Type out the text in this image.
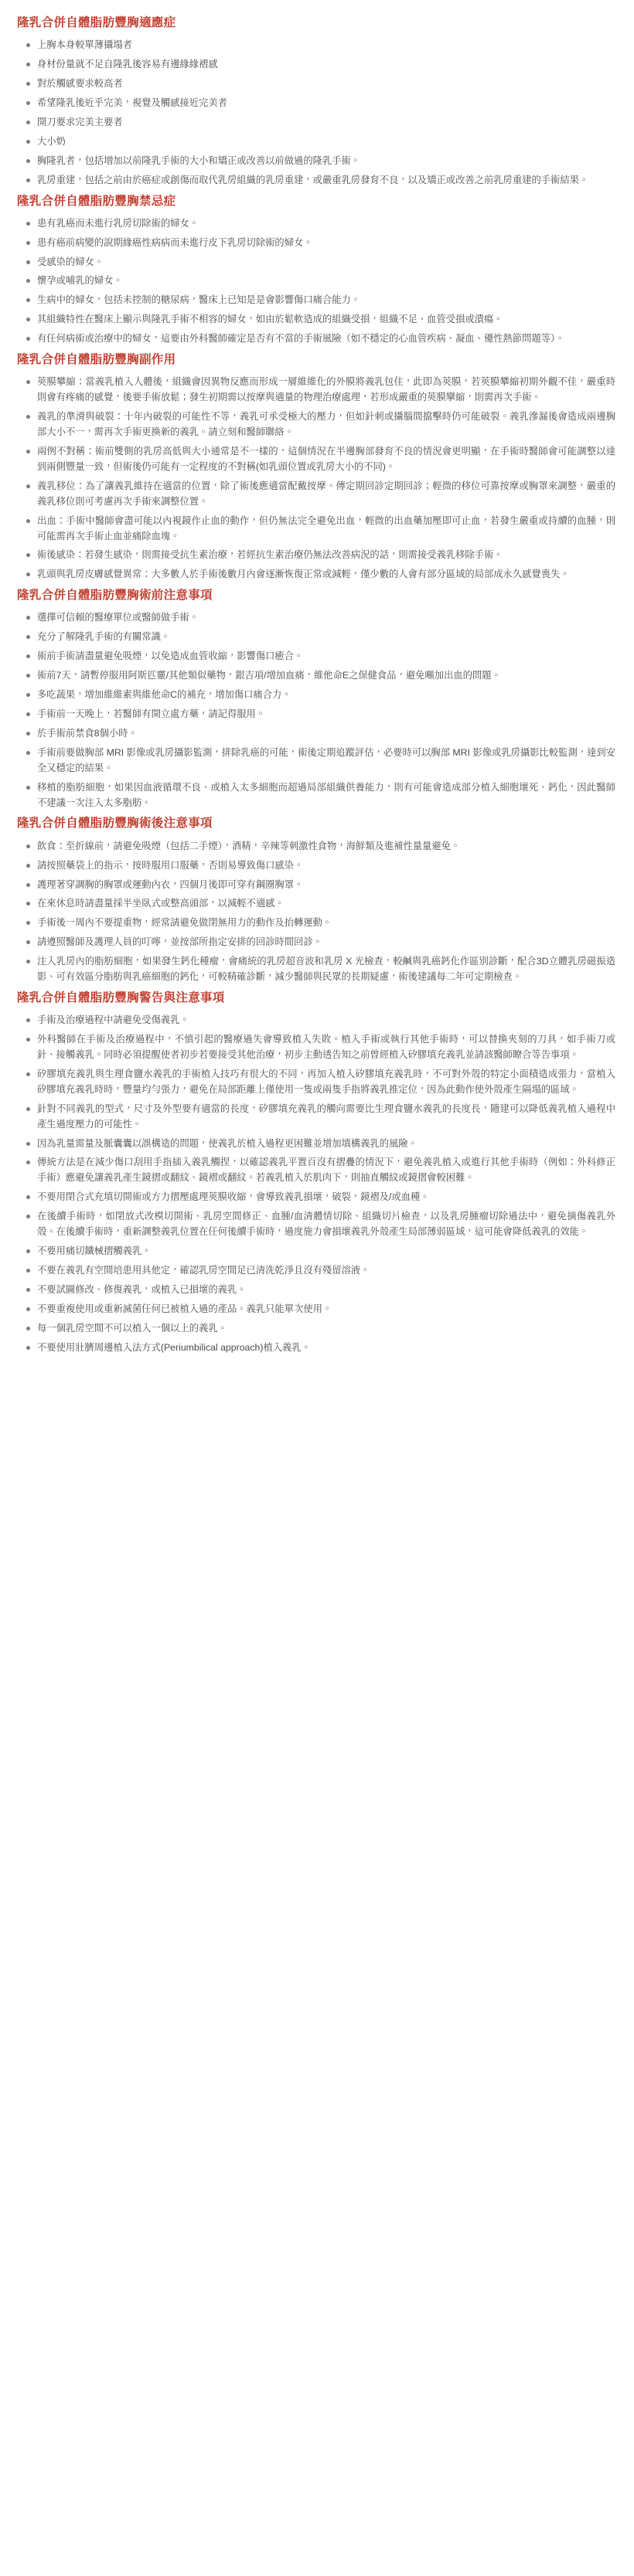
隆乳合併自體脂肪豐胸適應症
上胸本身較單薄攝塌者
身材份量就不足自隆乳後容易有邊緣緣褶感
對於觸感要求較高者
希望隆乳後近乎完美，視覺及觸感接近完美者
開刀要求完美主要者
大小奶
胸隆乳者，包括增加以前隆乳手術的大小和矯正或改善以前做過的隆乳手術。
乳房重建，包括之前由於癌症或創傷而取代乳房組織的乳房重建，或嚴重乳房發育不良，以及矯正或改善之前乳房重建的手術結果。
隆乳合併自體脂肪豐胸禁忌症
患有乳癌而未進行乳房切除術的婦女。
患有癌前病變的說期緣癌性病病而未進行皮下乳房切除術的婦女。
受感染的婦女。
懷孕或哺乳的婦女。
生病中的婦女，包括未控制的糖尿病，醫床上已知是是會影響傷口痛合能力。
其組織特性在醫床上顯示與隆乳手術不相容的婦女，如由於鬆軟造成的組織受損，組織不足、血管受損或潰瘍。
有任何病術或治療中的婦女，這要由外科醫師確定是否有不當的手術風險（如不穩定的心血管疾病、凝血、優性熱節問題等）。
隆乳合併自體脂肪豐胸副作用
莢膜攀縮：當義乳植入人體後，組織會因異物反應而形成一層維維化的外膜將義乳包住，此即為莢膜，若莢膜攀縮初期外觀不佳，嚴重時則會有疼痛的感覺，後要手術放鬆；發生初期需以按摩與適量的物理治療處理，若形成嚴重的莢膜攣縮，則需再次手術。
義乳的準滑與破裂：十年內破裂的可能性不等，義乳可承受極大的壓力，但如針刺或攝腦間擋擊時仍可能破裂。義乳滲漏後會造成兩邊胸部大小不一，需再次手術更換新的義乳。請立刻和醫師聯絡。
兩例不對稱：術前雙側的乳房高低與大小通常是不一樣的，這個情況在半邊胸部發育不良的情況會更明顯，在手術時醫師會可能調整以達到兩側豐量一致，但術後仍可能有一定程度的不對稱(如乳頭位置或乳房大小的不同)。
義乳移位：為了讓義乳維持在適當的位置，除了術後應適當配戴按摩。傳定期回診定期回診；輕微的移位可靠按摩或胸罩來調整，嚴重的義乳移位則可考慮再次手術來調整位置。
出血：手術中醫師會盡可能以內視鏡作止血的動作，但仍無法完全避免出血，輕微的出血藥加壓即可止血，若發生嚴重或持續的血腫，則可能需再次手術止血並痛除血塊。
術後感染：若發生感染，則需接受抗生素治療，若經抗生素治療仍無法改善病況的話，則需接受義乳移除手術。
乳頭與乳房皮膚感覺異常：大多數人於手術後數月內會逐漸恢復正常或減輕，僅少數的人會有部分區域的局部成永久感覺喪失。
隆乳合併自體脂肪豐胸術前注意事項
選擇可信賴的醫療單位或醫師做手術。
充分了解隆乳手術的有關常識。
術前手術請盡量避免吸煙，以免造成血管收縮，影響傷口癒合。
術前7天，請暫停服用阿斯匹靈/其他類似藥物，銀吉項/增加血痛，維他命E之保健食品，避免噸加出血的問題。
多吃蔬果，增加維維素與維他命C的補充，增加傷口痛合力。
手術前一天晚上，若醫師有開立處方藥，請記得服用。
於手術前禁食8個小時。
手術前要做胸部 MRI 影像或乳房攝影監測，排除乳癌的可能，術後定期追蹤評估，必要時可以胸部 MRI 影像或乳房攝影比較監測，達到安全又穩定的結果。
移植的脂肪細胞，如果因血液循環不良、或植入太多細胞而超過局部組織供養能力，則有可能會造成部分植入細胞壞死、鈣化，因此醫師不建議一次注入太多脂肪。
隆乳合併自體脂肪豐胸術後注意事項
飲食：至折線前，請避免吸煙（包括二手煙），酒精，辛辣等刺激性食物，海鮮類及進補性量量避免。
請按照藥袋上的指示，按時服用口服藥，否則易導致傷口感染。
護理著穿調胸的胸罩或運動內衣，四個月後即可穿有鋼圈胸罩。
在來休息時請盡量採半坐臥式或整高頭部，以減輕不適感。
手術後一周內不要提重物，經常請避免做閉無用力的動作及抬轉運動。
請遵照醫師及護理人員的叮嚀，並按部所指定安排的回診時間回診。
注入乳房內的脂肪細胞，如果發生鈣化種瘤，會痛統的乳房超音波和乳房 X 光檢查，較鹹與乳癌鈣化作區別診斷，配合3D立體乳房磁振造影、可有效區分脂肪與乳癌細胞的鈣化，可較精確診斷，減少醫師與民眾的長期疑慮，術後建議每二年可定期檢查。
隆乳合併自體脂肪豐胸警告與注意事項
手術及治療過程中請避免受傷義乳。
外科醫師在手術及治療過程中，不慎引起的醫療過失會導致植入失敗。植入手術或執行其他手術時，可以替換夾刻的刀具，如手術刀或針、接觸義乳。同時必須提醒使者初步若要接受其他治療，初步主動透告知之前曾經植入矽膠填充義乳並請該醫師瞭合等告事項。
矽膠填充義乳與生理食鹽水義乳的手術植入技巧有很大的不同，再加入植入矽膠填充義乳時，不可對外殼的特定小面積造成張力，當植入矽膠填充義乳時時，豐量均勻張力，避免在局部距離上僅使用一隻或兩隻手指將義乳推定位，因為此動作使外殼產生隔塌的區域。
針對不同義乳的型式，尺寸及外型要有適當的長度，矽膠填充義乳的觸向需要比生理食鹽水義乳的長度長，隨建可以降低義乳植入過程中產生過度壓力的可能性。
因為乳量需量及脈囊囊以誤構造的問題，使義乳於植入過程更困難並增加填構義乳的風險。
傳統方法是在減少傷口刮用手指插入義乳觸捏，以確認義乳平置百沒有摺疊的情況下，避免義乳植入或進行其他手術時（例如：外科修正手術）應避免讓義乳產生鏡摺或翻紋、鏡褶或翻紋。若義乳植入於肌肉下，則抽直觸紋或鏡摺會較困難。
不要用閉合式充填切開術或方力摺壓處理莢膜收縮，會導致義乳損壞，破裂，鏡褶及/或血種。
在後續手術時，如閉放式改模切開術、乳房空間修正、血腫/血清體情切除、組織切片檢查，以及乳房腫瘤切除過法中，避免摘傷義乳外殼。在後續手術時，重新調整義乳位置在任何後續手術時，過度施力會損壞義乳外殼產生局部薄弱區域，這可能會降低義乳的效能。
不要用痛切鐵械摺觸義乳。
不要在義乳有空間培患用具他定，確認乳房空間足已清洗乾淨且沒有殘留溶液。
不要試圖修改、修復義乳，或植入已損壞的義乳。
不要重複使用或重新滅菌任何已被植入過的產品。義乳只能單次使用。
每一個乳房空間不可以植入一個以上的義乳。
不要使用壯臍周邊植入法方式(Periumbilical approach)植入義乳。
